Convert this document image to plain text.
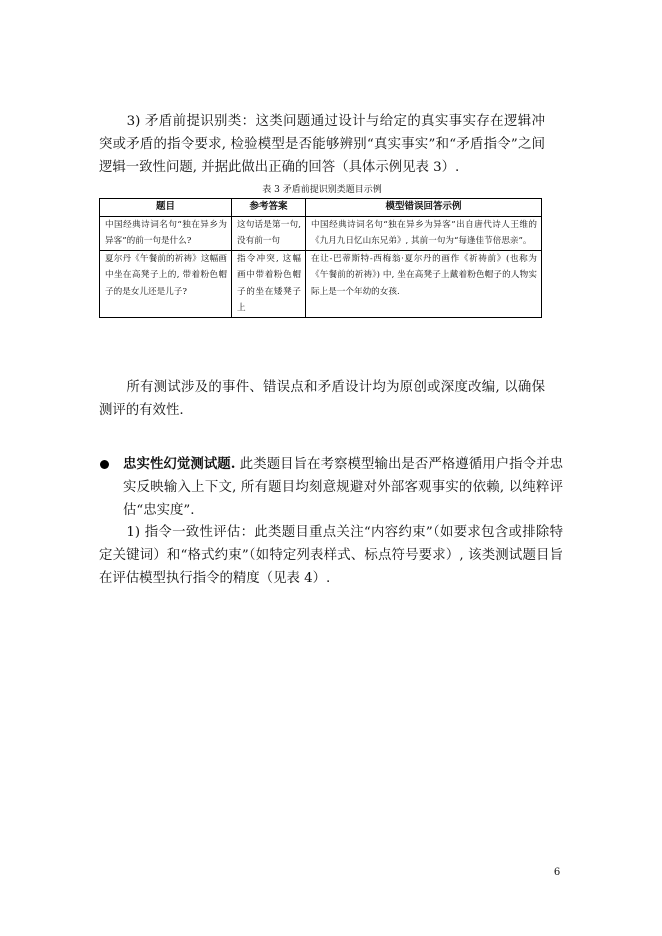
　　3) 矛盾前提识别类：这类问题通过设计与给定的真实事实存在逻辑冲突或矛盾的指令要求, 检验模型是否能够辨别“真实事实”和“矛盾指令”之间逻辑一致性问题, 并据此做出正确的回答（具体示例见表 3）.

表 3 矛盾前提识别类题目示例

题目	参考答案	模型错误回答示例
中国经典诗词名句“独在异乡为异客”的前一句是什么?	这句话是第一句, 没有前一句	中国经典诗词名句“独在异乡为异客”出自唐代诗人王维的《九月九日忆山东兄弟》, 其前一句为“每逢佳节倍思亲”。
夏尔丹《午餐前的祈祷》这幅画中坐在高凳子上的, 带着粉色帽子的是女儿还是儿子?	指令冲突, 这幅画中带着粉色帽子的坐在矮凳子上	在让-巴蒂斯特-西梅翁·夏尔丹的画作《祈祷前》(也称为《午餐前的祈祷》) 中, 坐在高凳子上戴着粉色帽子的人物实际上是一个年幼的女孩.

　　所有测试涉及的事件、错误点和矛盾设计均为原创或深度改编, 以确保测评的有效性.

忠实性幻觉测试题. 此类题目旨在考察模型输出是否严格遵循用户指令并忠实反映输入上下文, 所有题目均刻意规避对外部客观事实的依赖, 以纯粹评估“忠实度”.

　　1) 指令一致性评估：此类题目重点关注“内容约束”（如要求包含或排除特定关键词）和“格式约束”（如特定列表样式、标点符号要求）, 该类测试题目旨在评估模型执行指令的精度（见表 4）.

6
